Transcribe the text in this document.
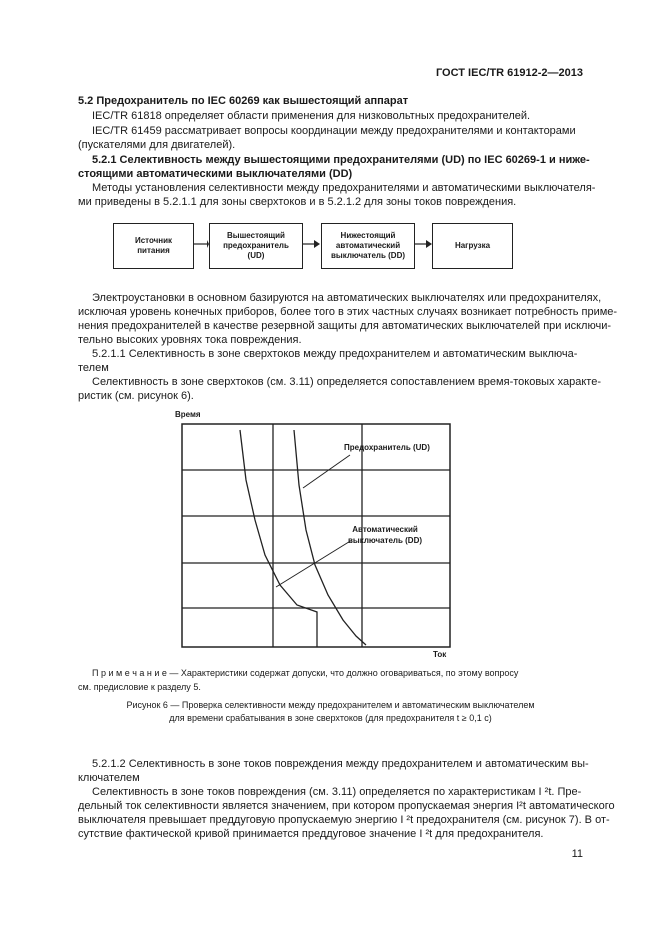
ГОСТ IEC/TR 61912-2—2013
5.2 Предохранитель по IEC 60269 как вышестоящий аппарат
IEC/TR 61818 определяет области применения для низковольтных предохранителей.
IEC/TR 61459 рассматривает вопросы координации между предохранителями и контакторами
(пускателями для двигателей).
5.2.1 Селективность между вышестоящими предохранителями (UD) по IEC 60269-1 и ниже-
стоящими автоматическими выключателями (DD)
Методы установления селективности между предохранителями и автоматическими выключателя-
ми приведены в 5.2.1.1 для зоны сверхтоков и в 5.2.1.2 для зоны токов повреждения.
Источник
питания
Вышестоящий
предохранитель
(UD)
Нижестоящий
автоматический
выключатель (DD)
Нагрузка
Электроустановки в основном базируются на автоматических выключателях или предохранителях,
исключая уровень конечных приборов, более того в этих частных случаях возникает потребность приме-
нения предохранителей в качестве резервной защиты для автоматических выключателей при исключи-
тельно высоких уровнях тока повреждения.
5.2.1.1 Селективность в зоне сверхтоков между предохранителем и автоматическим выключа-
телем
Селективность в зоне сверхтоков (см. 3.11) определяется сопоставлением время-токовых характе-
ристик (см. рисунок 6).
Время
Ток
Предохранитель (UD)
Автоматический
выключатель (DD)
П р и м е ч а н и е — Характеристики содержат допуски, что должно оговариваться, по этому вопросу
см. предисловие к разделу 5.
Рисунок 6 — Проверка селективности между предохранителем и автоматическим выключателем
для времени срабатывания в зоне сверхтоков (для предохранителя t ≥ 0,1 с)
5.2.1.2 Селективность в зоне токов повреждения между предохранителем и автоматическим вы-
ключателем
Селективность в зоне токов повреждения (см. 3.11) определяется по характеристикам I ²t. Пре-
дельный ток селективности является значением, при котором пропускаемая энергия I²t автоматического
выключателя превышает преддуговую пропускаемую энергию I ²t предохранителя (см. рисунок 7). В от-
сутствие фактической кривой принимается преддуговое значение I ²t для предохранителя.
11
